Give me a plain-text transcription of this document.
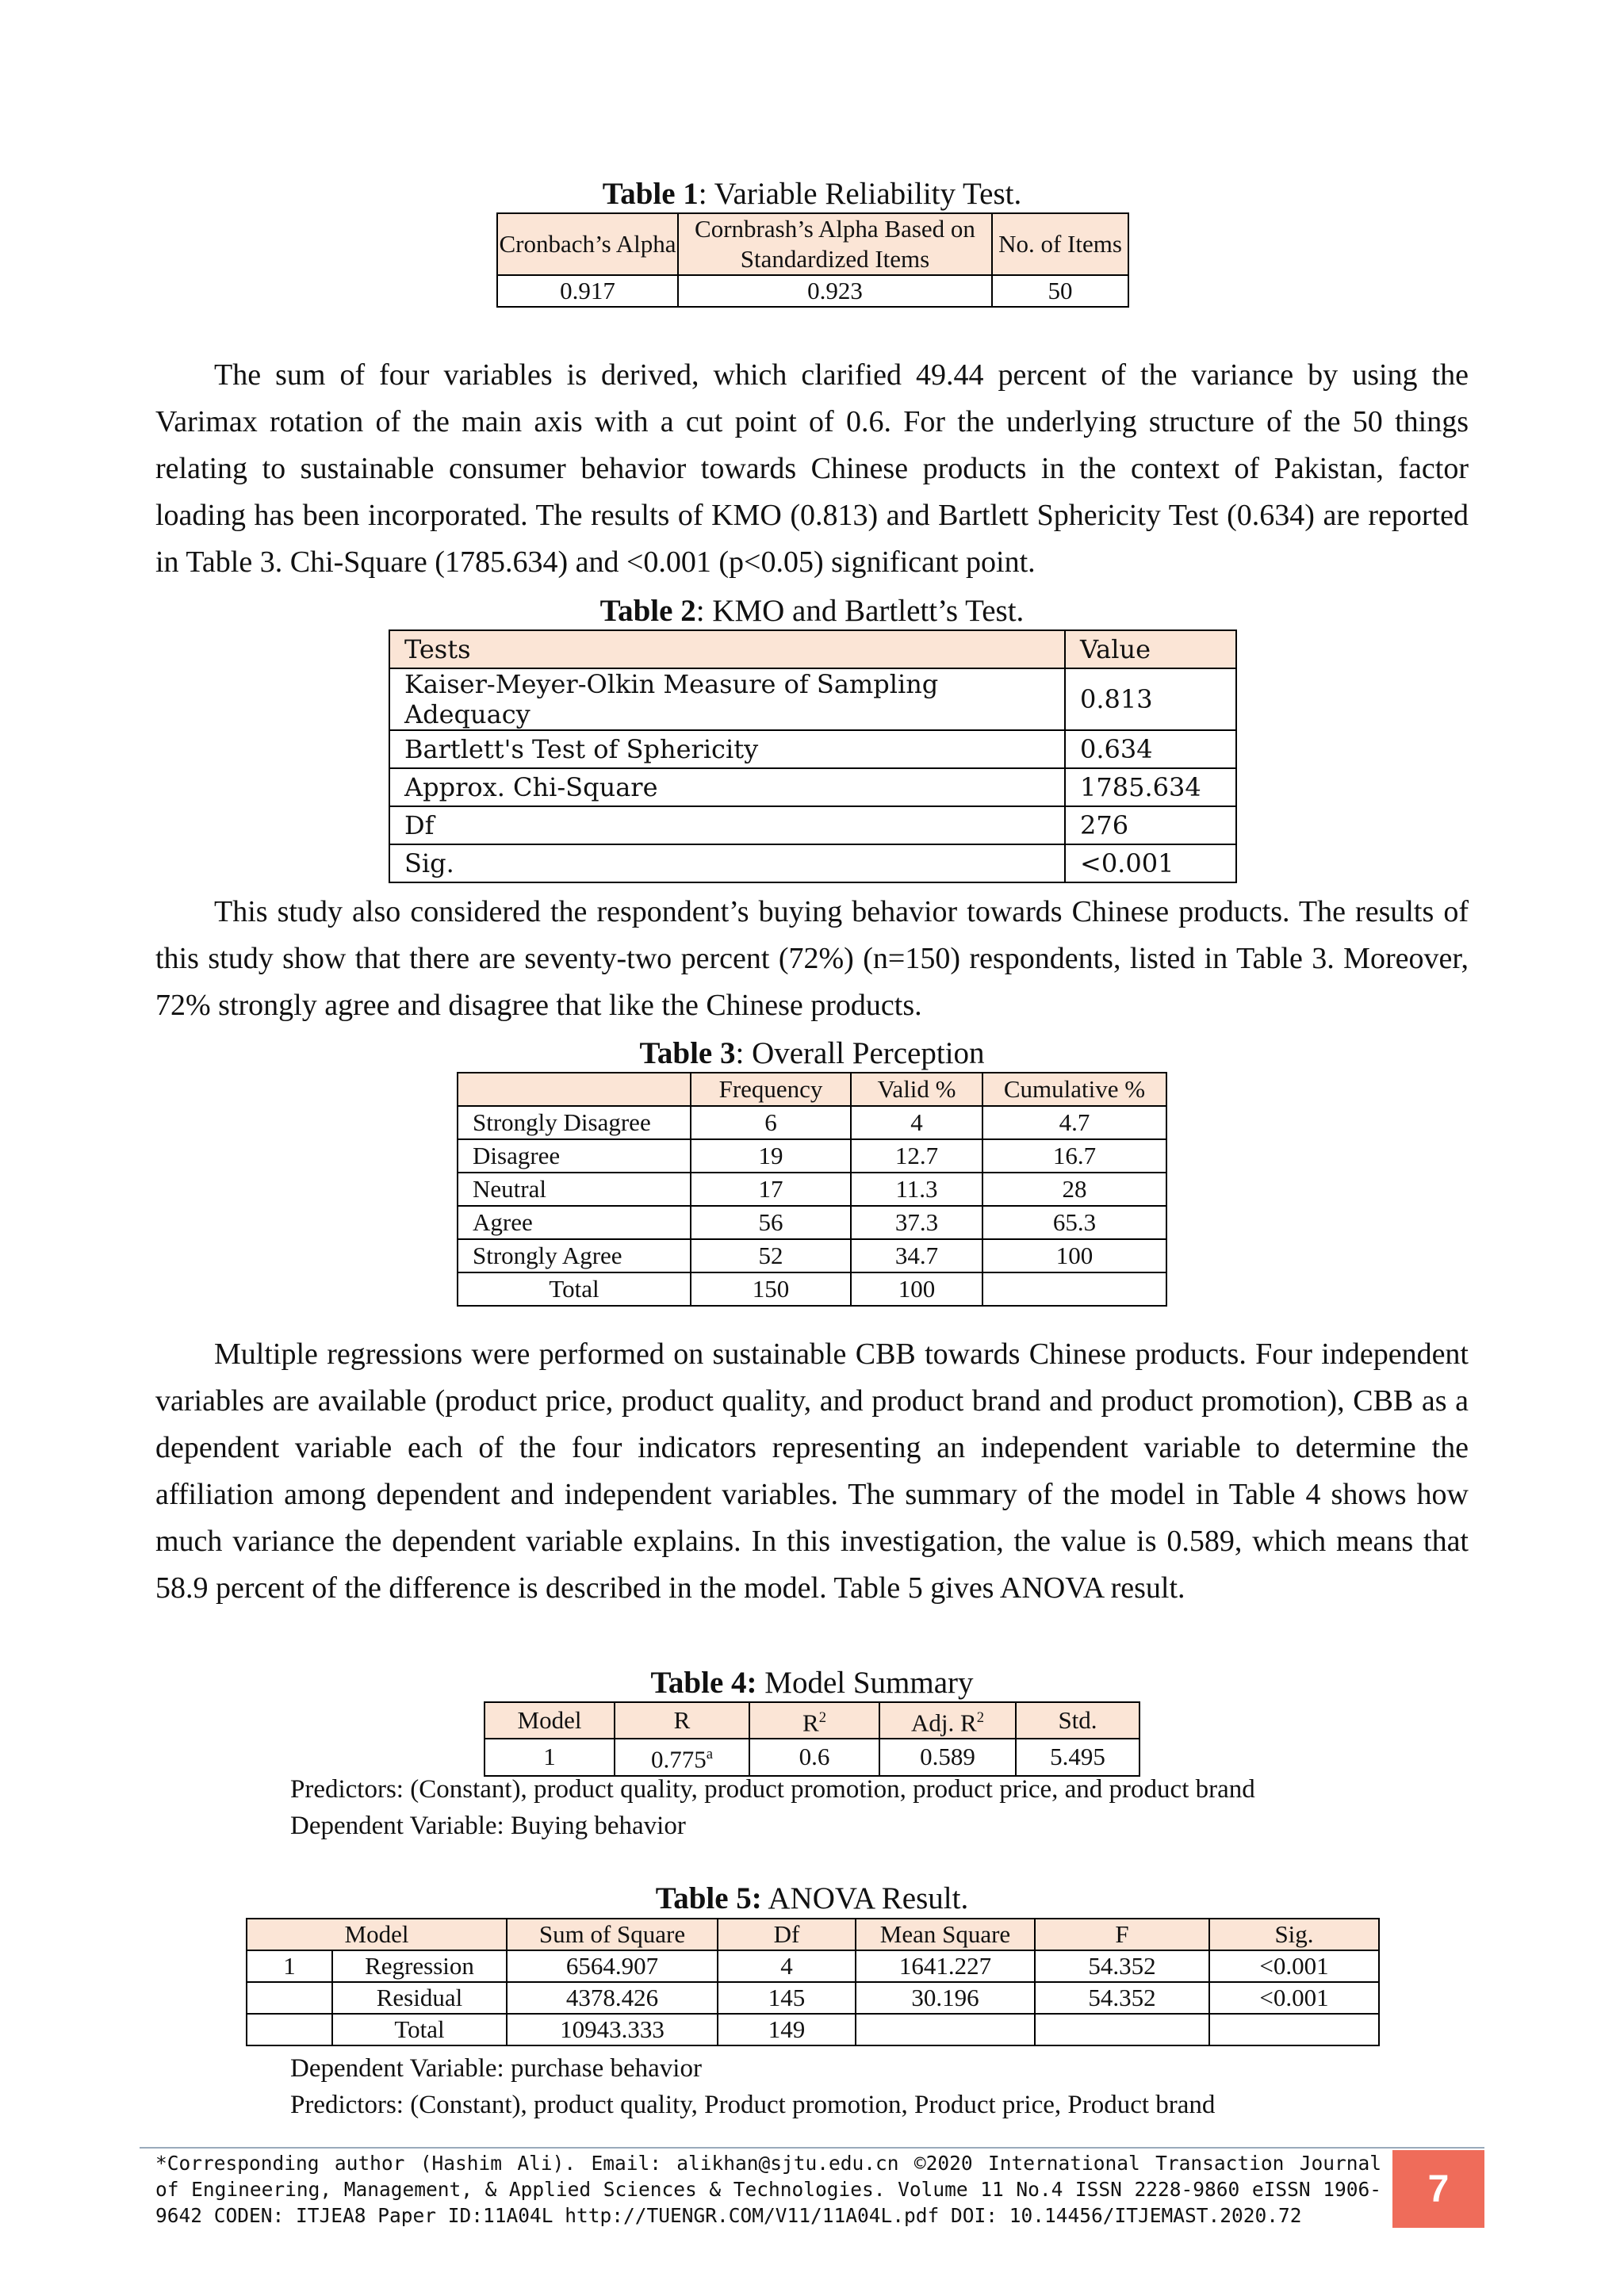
Table 1: Variable Reliability Test.
Cronbach’s Alpha	Cornbrash’s Alpha Based on Standardized Items	No. of Items
0.917	0.923	50
The sum of four variables is derived, which clarified 49.44 percent of the variance by using the Varimax rotation of the main axis with a cut point of 0.6. For the underlying structure of the 50 things relating to sustainable consumer behavior towards Chinese products in the context of Pakistan, factor loading has been incorporated. The results of KMO (0.813) and Bartlett Sphericity Test (0.634) are reported in Table 3. Chi-Square (1785.634) and <0.001 (p<0.05) significant point.
Table 2: KMO and Bartlett’s Test.
Tests	Value
Kaiser-Meyer-Olkin Measure of Sampling Adequacy	0.813
Bartlett's Test of Sphericity	0.634
Approx. Chi-Square	1785.634
Df	276
Sig.	<0.001
This study also considered the respondent’s buying behavior towards Chinese products. The results of this study show that there are seventy-two percent (72%) (n=150) respondents, listed in Table 3. Moreover, 72% strongly agree and disagree that like the Chinese products.
Table 3: Overall Perception
	Frequency	Valid %	Cumulative %
Strongly Disagree	6	4	4.7
Disagree	19	12.7	16.7
Neutral	17	11.3	28
Agree	56	37.3	65.3
Strongly Agree	52	34.7	100
Total	150	100	
Multiple regressions were performed on sustainable CBB towards Chinese products. Four independent variables are available (product price, product quality, and product brand and product promotion), CBB as a dependent variable each of the four indicators representing an independent variable to determine the affiliation among dependent and independent variables. The summary of the model in Table 4 shows how much variance the dependent variable explains. In this investigation, the value is 0.589, which means that 58.9 percent of the difference is described in the model. Table 5 gives ANOVA result.
Table 4: Model Summary
Model	R	$R^2$	Adj. $R^2$	Std.
1	0.775$^a$	0.6	0.589	5.495
Predictors: (Constant), product quality, product promotion, product price, and product brand
Dependent Variable: Buying behavior
Table 5: ANOVA Result.
Model		Sum of Square	Df	Mean Square	F	Sig.
1	Regression	6564.907	4	1641.227	54.352	<0.001
	Residual	4378.426	145	30.196	54.352	<0.001
	Total	10943.333	149			
Dependent Variable: purchase behavior
Predictors: (Constant), product quality, Product promotion, Product price, Product brand
*Corresponding author (Hashim Ali). Email: alikhan@sjtu.edu.cn ©2020 International Transaction Journal of Engineering, Management, & Applied Sciences & Technologies. Volume 11 No.4 ISSN 2228-9860 eISSN 1906-9642 CODEN: ITJEA8 Paper ID:11A04L http://TUENGR.COM/V11/11A04L.pdf DOI: 10.14456/ITJEMAST.2020.72
7
